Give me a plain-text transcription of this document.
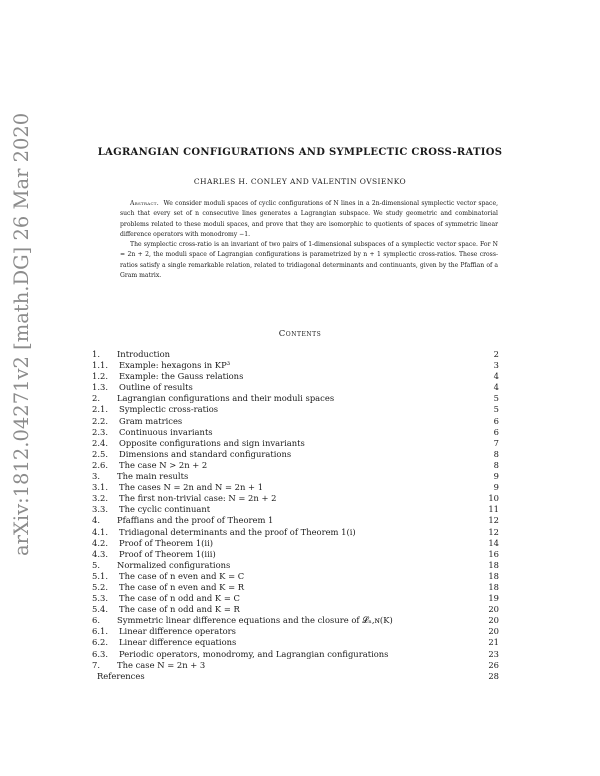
arXiv:1812.04271v2 [math.DG] 26 Mar 2020	LAGRANGIAN CONFIGURATIONS AND SYMPLECTIC CROSS-RATIOS
CHARLES H. CONLEY AND VALENTIN OVSIENKO

Abstract. We consider moduli spaces of cyclic configurations of N lines in a 2n-dimensional symplectic vector space, such that every set of n consecutive lines generates a Lagrangian subspace. We study geometric and combinatorial problems related to these moduli spaces, and prove that they are isomorphic to quotients of spaces of symmetric linear difference operators with monodromy −1.

The symplectic cross-ratio is an invariant of two pairs of 1-dimensional subspaces of a symplectic vector space. For N = 2n + 2, the moduli space of Lagrangian configurations is parametrized by n + 1 symplectic cross-ratios. These cross-ratios satisfy a single remarkable relation, related to tridiagonal determinants and continuants, given by the Pfaffian of a Gram matrix.

Contents
1. Introduction	2
1.1. Example: hexagons in KP³	3
1.2. Example: the Gauss relations	4
1.3. Outline of results	4
2. Lagrangian configurations and their moduli spaces	5
2.1. Symplectic cross-ratios	5
2.2. Gram matrices	6
2.3. Continuous invariants	6
2.4. Opposite configurations and sign invariants	7
2.5. Dimensions and standard configurations	8
2.6. The case N > 2n + 2	8
3. The main results	9
3.1. The cases N = 2n and N = 2n + 1	9
3.2. The first non-trivial case: N = 2n + 2	10
3.3. The cyclic continuant	11
4. Pfaffians and the proof of Theorem 1	12
4.1. Tridiagonal determinants and the proof of Theorem 1(i)	12
4.2. Proof of Theorem 1(ii)	14
4.3. Proof of Theorem 1(iii)	16
5. Normalized configurations	18
5.1. The case of n even and K = C	18
5.2. The case of n even and K = R	18
5.3. The case of n odd and K = C	19
5.4. The case of n odd and K = R	20
6. Symmetric linear difference equations and the closure of 𝓛ₙ,ɴ(K)	20
6.1. Linear difference operators	20
6.2. Linear difference equations	21
6.3. Periodic operators, monodromy, and Lagrangian configurations	23
7. The case N = 2n + 3	26
References	28
